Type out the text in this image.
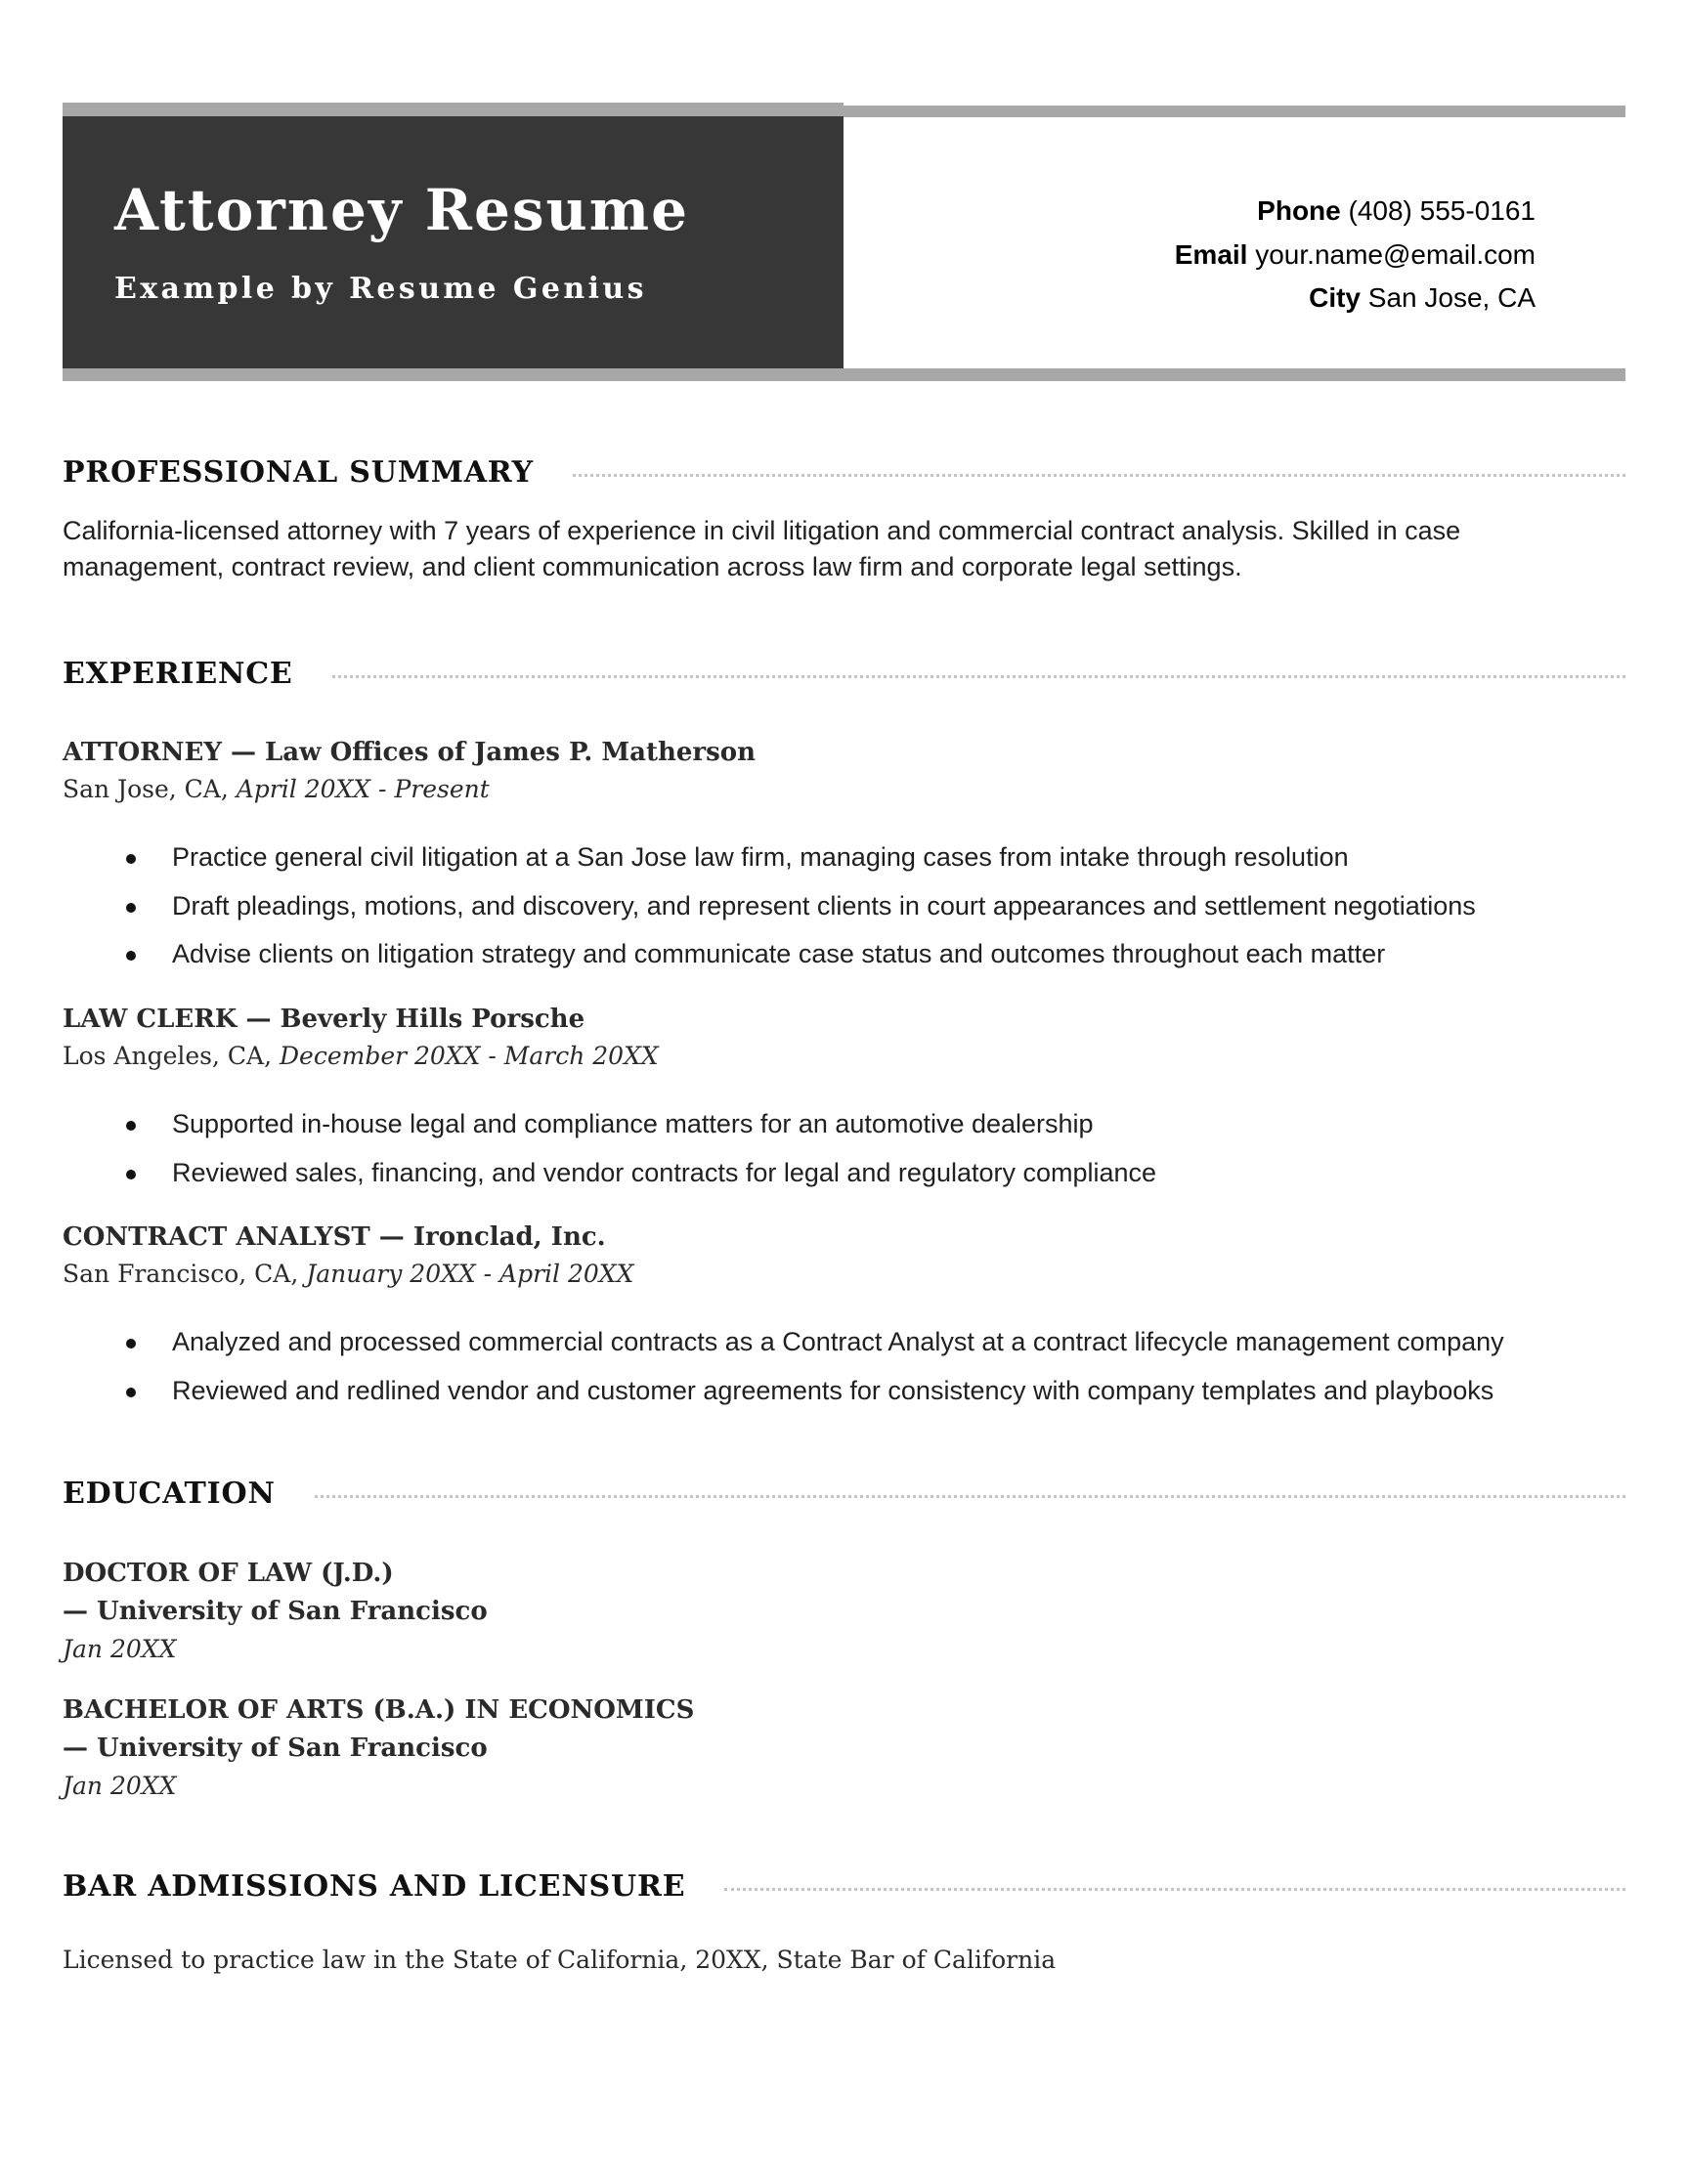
Attorney Resume
Example by Resume Genius
Phone (408) 555-0161
Email your.name@email.com
City San Jose, CA
PROFESSIONAL SUMMARY
California-licensed attorney with 7 years of experience in civil litigation and commercial contract analysis. Skilled in case
management, contract review, and client communication across law firm and corporate legal settings.
EXPERIENCE
ATTORNEY — Law Offices of James P. Matherson
San Jose, CA, April 20XX - Present
Practice general civil litigation at a San Jose law firm, managing cases from intake through resolution
Draft pleadings, motions, and discovery, and represent clients in court appearances and settlement negotiations
Advise clients on litigation strategy and communicate case status and outcomes throughout each matter
LAW CLERK — Beverly Hills Porsche
Los Angeles, CA, December 20XX - March 20XX
Supported in-house legal and compliance matters for an automotive dealership
Reviewed sales, financing, and vendor contracts for legal and regulatory compliance
CONTRACT ANALYST — Ironclad, Inc.
San Francisco, CA, January 20XX - April 20XX
Analyzed and processed commercial contracts as a Contract Analyst at a contract lifecycle management company
Reviewed and redlined vendor and customer agreements for consistency with company templates and playbooks
EDUCATION
DOCTOR OF LAW (J.D.)
— University of San Francisco
Jan 20XX
BACHELOR OF ARTS (B.A.) IN ECONOMICS
— University of San Francisco
Jan 20XX
BAR ADMISSIONS AND LICENSURE
Licensed to practice law in the State of California, 20XX, State Bar of California
